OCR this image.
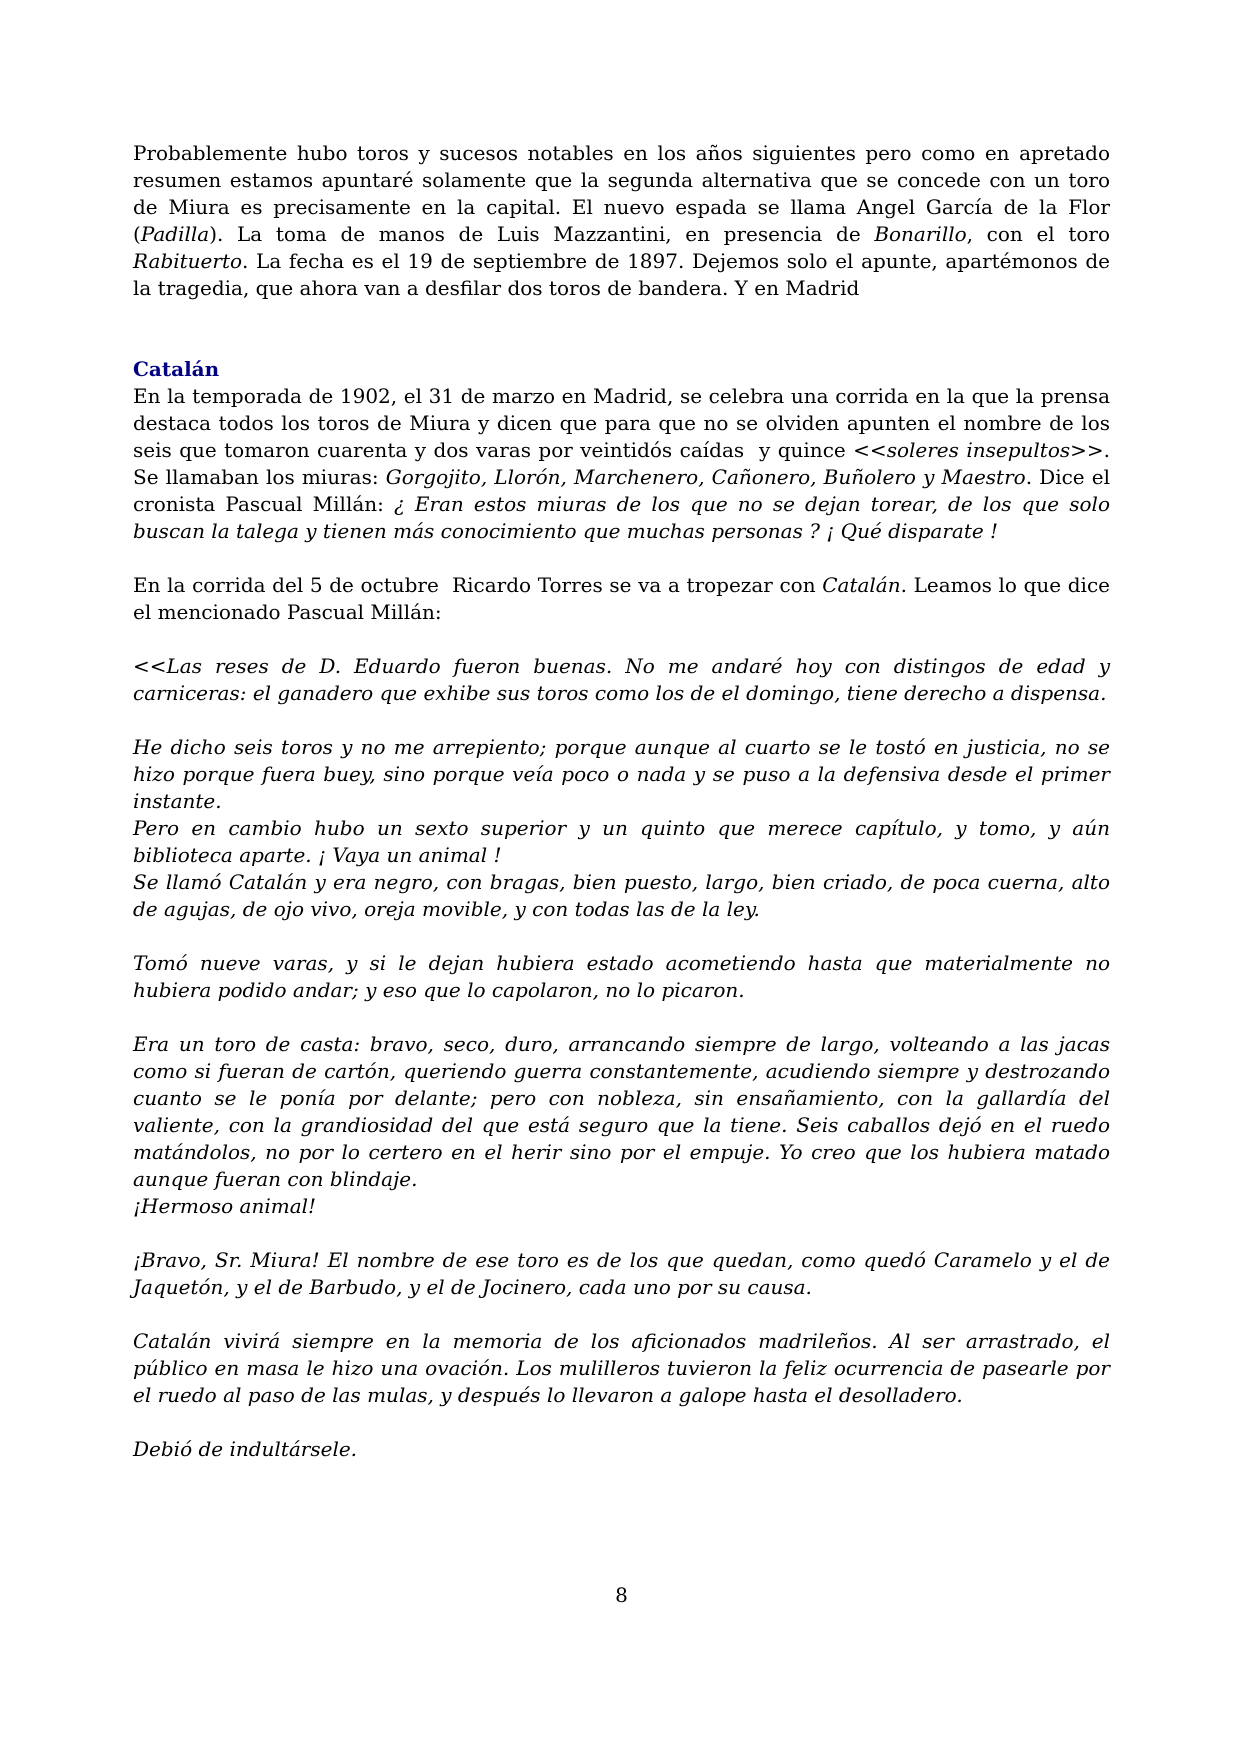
Probablemente hubo toros y sucesos notables en los años siguientes pero como en apretado resumen estamos apuntaré solamente que la segunda alternativa que se concede con un toro de Miura es precisamente en la capital. El nuevo espada se llama Angel García de la Flor (Padilla). La toma de manos de Luis Mazzantini, en presencia de Bonarillo, con el toro Rabituerto. La fecha es el 19 de septiembre de 1897. Dejemos solo el apunte, apartémonos de la tragedia, que ahora van a desfilar dos toros de bandera. Y en Madrid
Catalán
En la temporada de 1902, el 31 de marzo en Madrid, se celebra una corrida en la que la prensa destaca todos los toros de Miura y dicen que para que no se olviden apunten el nombre de los seis que tomaron cuarenta y dos varas por veintidós caídas  y quince <<soleres insepultos>>. Se llamaban los miuras: Gorgojito, Llorón, Marchenero, Cañonero, Buñolero y Maestro. Dice el cronista Pascual Millán: ¿ Eran estos miuras de los que no se dejan torear, de los que solo buscan la talega y tienen más conocimiento que muchas personas ? ¡ Qué disparate !
En la corrida del 5 de octubre  Ricardo Torres se va a tropezar con Catalán. Leamos lo que dice el mencionado Pascual Millán:
<<Las reses de D. Eduardo fueron buenas. No me andaré hoy con distingos de edad y carniceras: el ganadero que exhibe sus toros como los de el domingo, tiene derecho a dispensa.
He dicho seis toros y no me arrepiento; porque aunque al cuarto se le tostó en justicia, no se hizo porque fuera buey, sino porque veía poco o nada y se puso a la defensiva desde el primer instante.
Pero en cambio hubo un sexto superior y un quinto que merece capítulo, y tomo, y aún biblioteca aparte. ¡ Vaya un animal !
Se llamó Catalán y era negro, con bragas, bien puesto, largo, bien criado, de poca cuerna, alto de agujas, de ojo vivo, oreja movible, y con todas las de la ley.
Tomó nueve varas, y si le dejan hubiera estado acometiendo hasta que materialmente no hubiera podido andar; y eso que lo capolaron, no lo picaron.
Era un toro de casta: bravo, seco, duro, arrancando siempre de largo, volteando a las jacas como si fueran de cartón, queriendo guerra constantemente, acudiendo siempre y destrozando cuanto se le ponía por delante; pero con nobleza, sin ensañamiento, con la gallardía del valiente, con la grandiosidad del que está seguro que la tiene. Seis caballos dejó en el ruedo matándolos, no por lo certero en el herir sino por el empuje. Yo creo que los hubiera matado aunque fueran con blindaje.
¡Hermoso animal!
¡Bravo, Sr. Miura! El nombre de ese toro es de los que quedan, como quedó Caramelo y el de Jaquetón, y el de Barbudo, y el de Jocinero, cada uno por su causa.
Catalán vivirá siempre en la memoria de los aficionados madrileños. Al ser arrastrado, el público en masa le hizo una ovación. Los mulilleros tuvieron la feliz ocurrencia de pasearle por el ruedo al paso de las mulas, y después lo llevaron a galope hasta el desolladero.
Debió de indultársele.
8
